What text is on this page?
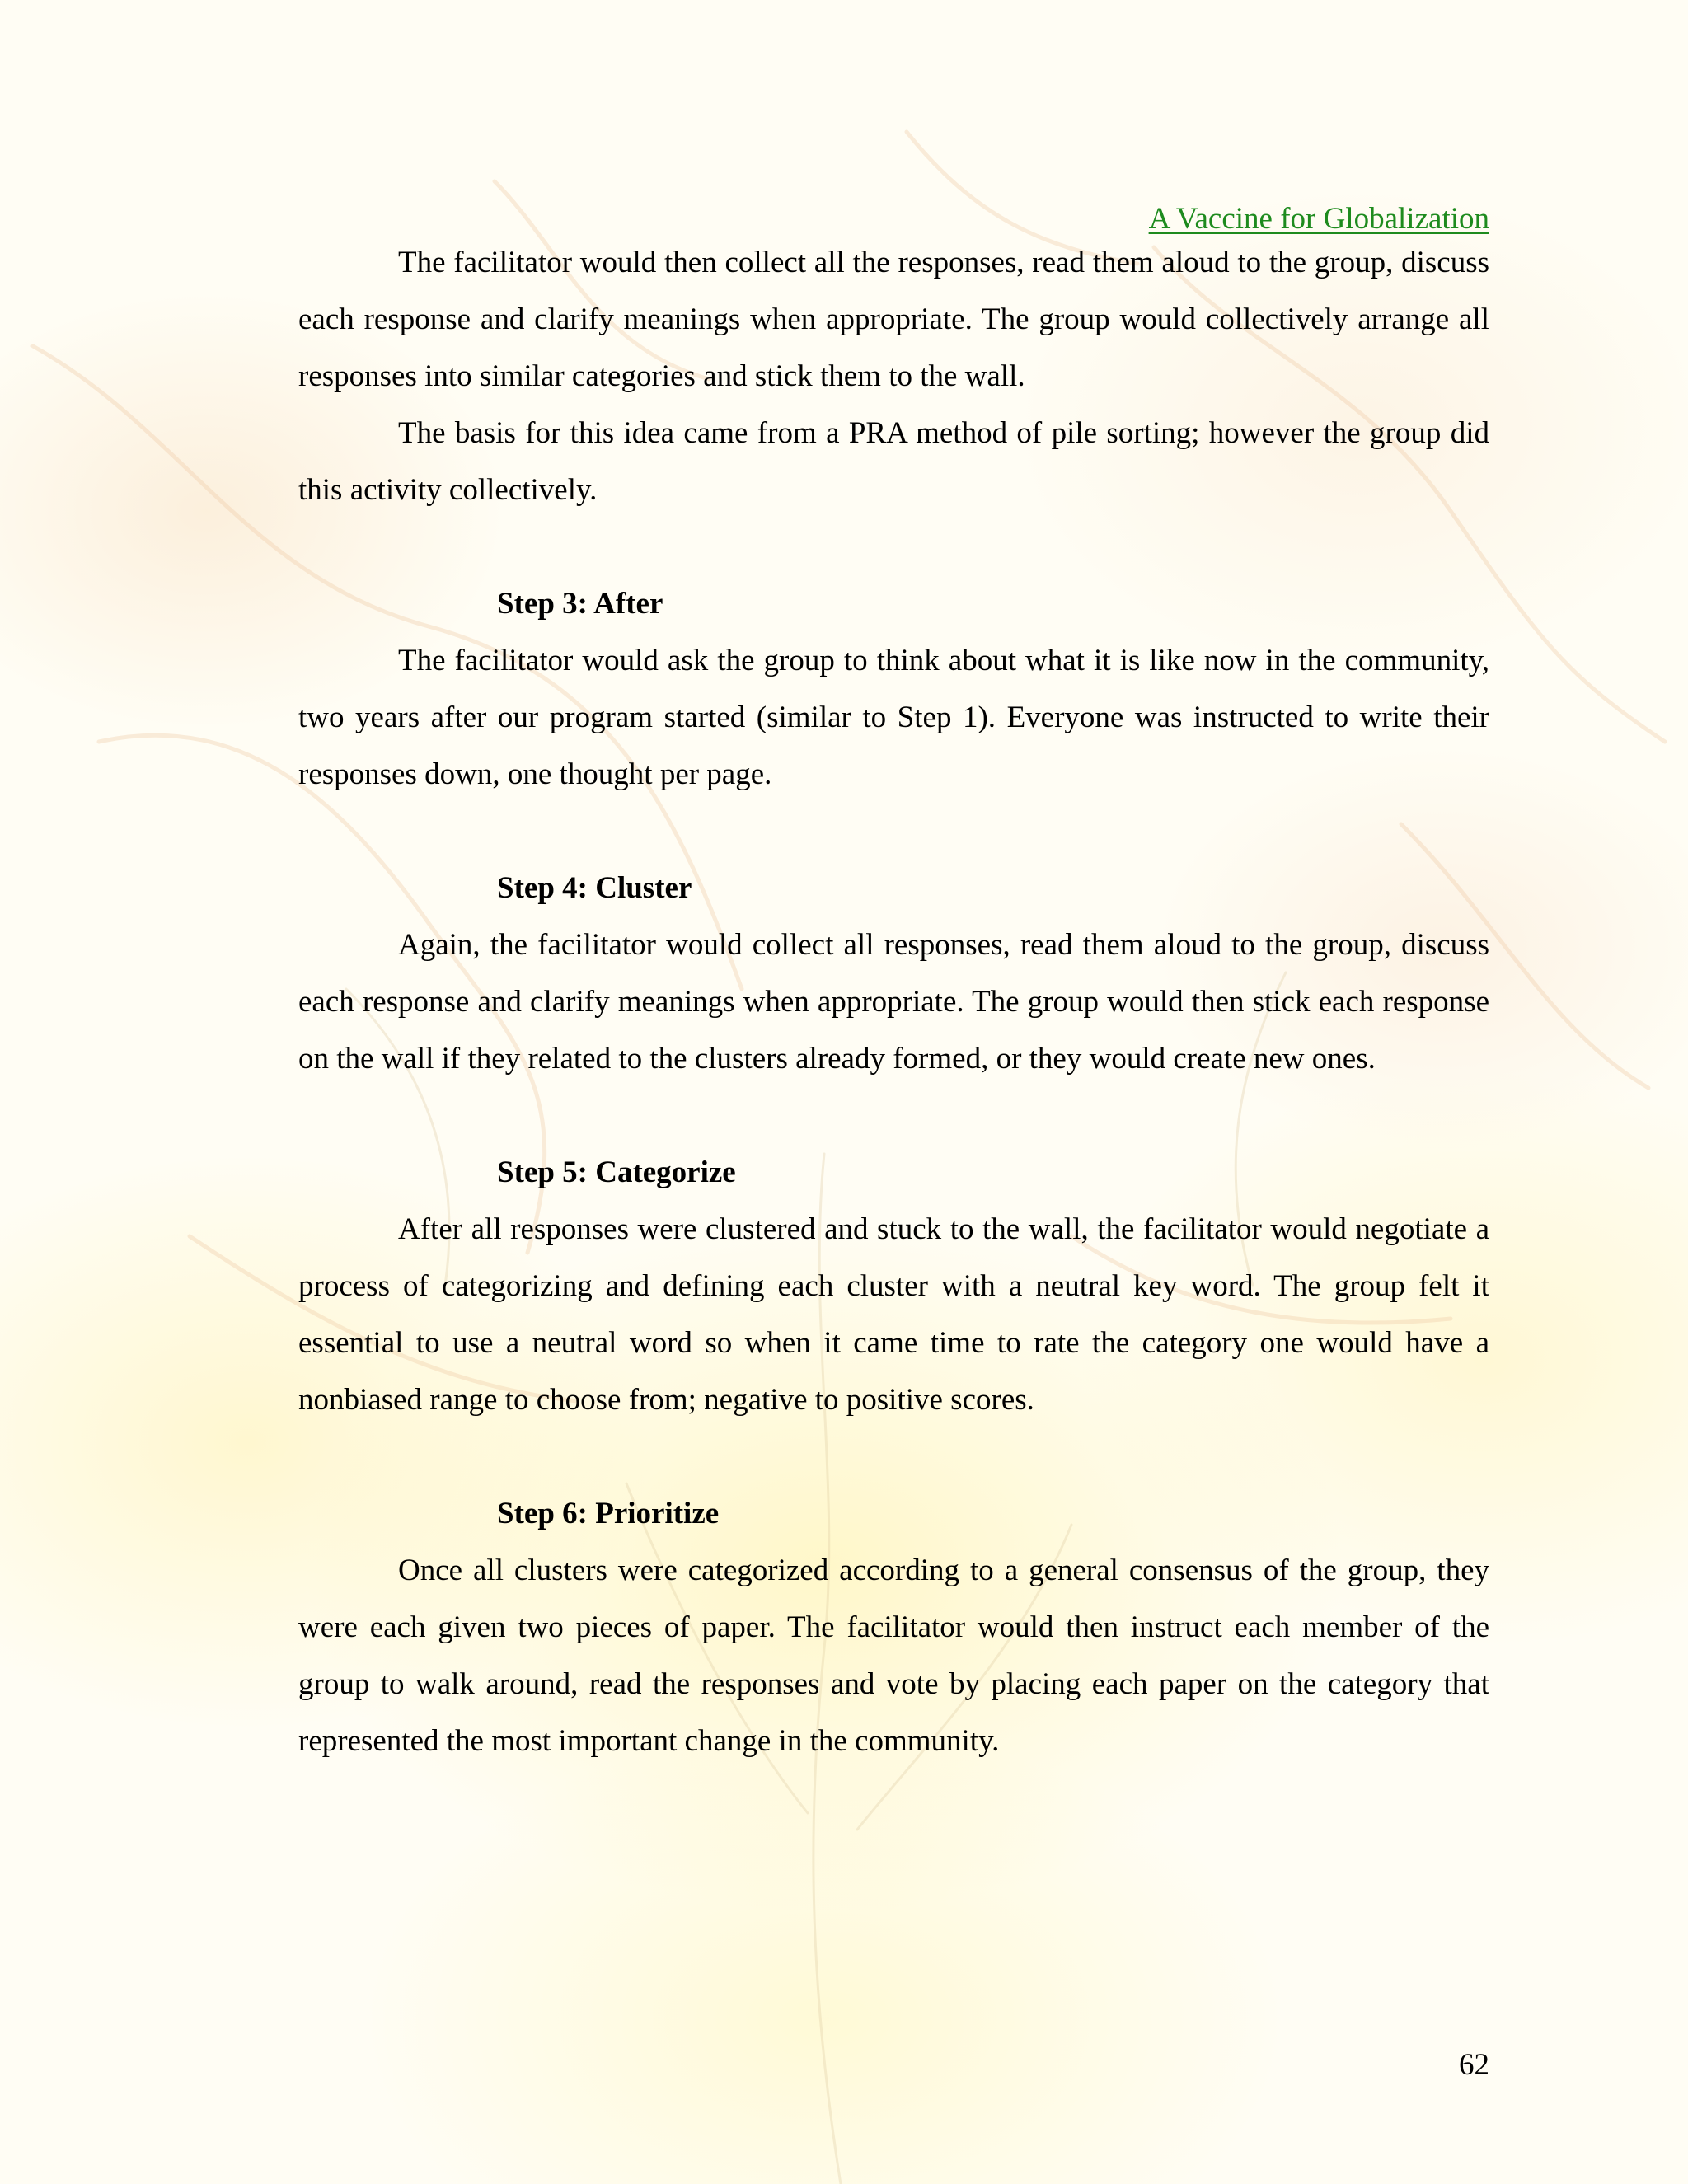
A Vaccine for Globalization

The facilitator would then collect all the responses, read them aloud to the group, discuss each response and clarify meanings when appropriate. The group would collectively arrange all responses into similar categories and stick them to the wall.

The basis for this idea came from a PRA method of pile sorting; however the group did this activity collectively.

Step 3: After

The facilitator would ask the group to think about what it is like now in the community, two years after our program started (similar to Step 1). Everyone was instructed to write their responses down, one thought per page.

Step 4: Cluster

Again, the facilitator would collect all responses, read them aloud to the group, discuss each response and clarify meanings when appropriate. The group would then stick each response on the wall if they related to the clusters already formed, or they would create new ones.

Step 5: Categorize

After all responses were clustered and stuck to the wall, the facilitator would negotiate a process of categorizing and defining each cluster with a neutral key word. The group felt it essential to use a neutral word so when it came time to rate the category one would have a nonbiased range to choose from; negative to positive scores.

Step 6: Prioritize

Once all clusters were categorized according to a general consensus of the group, they were each given two pieces of paper. The facilitator would then instruct each member of the group to walk around, read the responses and vote by placing each paper on the category that represented the most important change in the community.

62
